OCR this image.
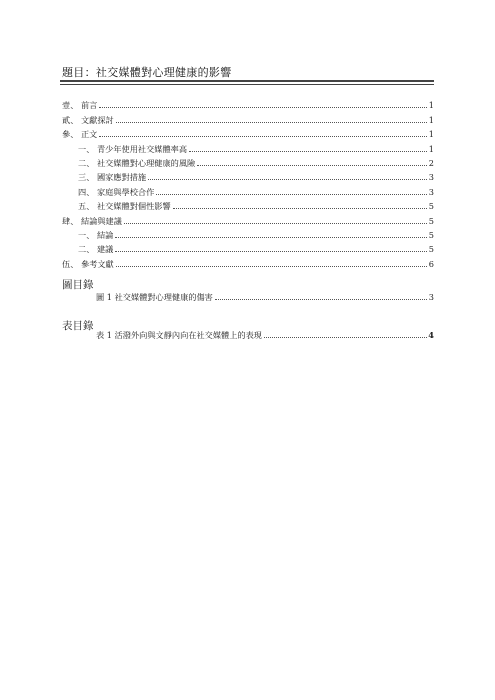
題目：社交媒體對心理健康的影響
壹、 前言	1
貳、 文獻探討	1
參、 正文	1
一、 青少年使用社交媒體率高	1
二、 社交媒體對心理健康的風險	2
三、 國家應對措施	3
四、 家庭與學校合作	3
五、 社交媒體對個性影響	5
肆、 結論與建議	5
一、 結論	5
二、 建議	5
伍、 參考文獻	6
圖目錄
圖 1 社交媒體對心理健康的傷害	3
表目錄
表 1 活潑外向與文靜內向在社交媒體上的表現	4
